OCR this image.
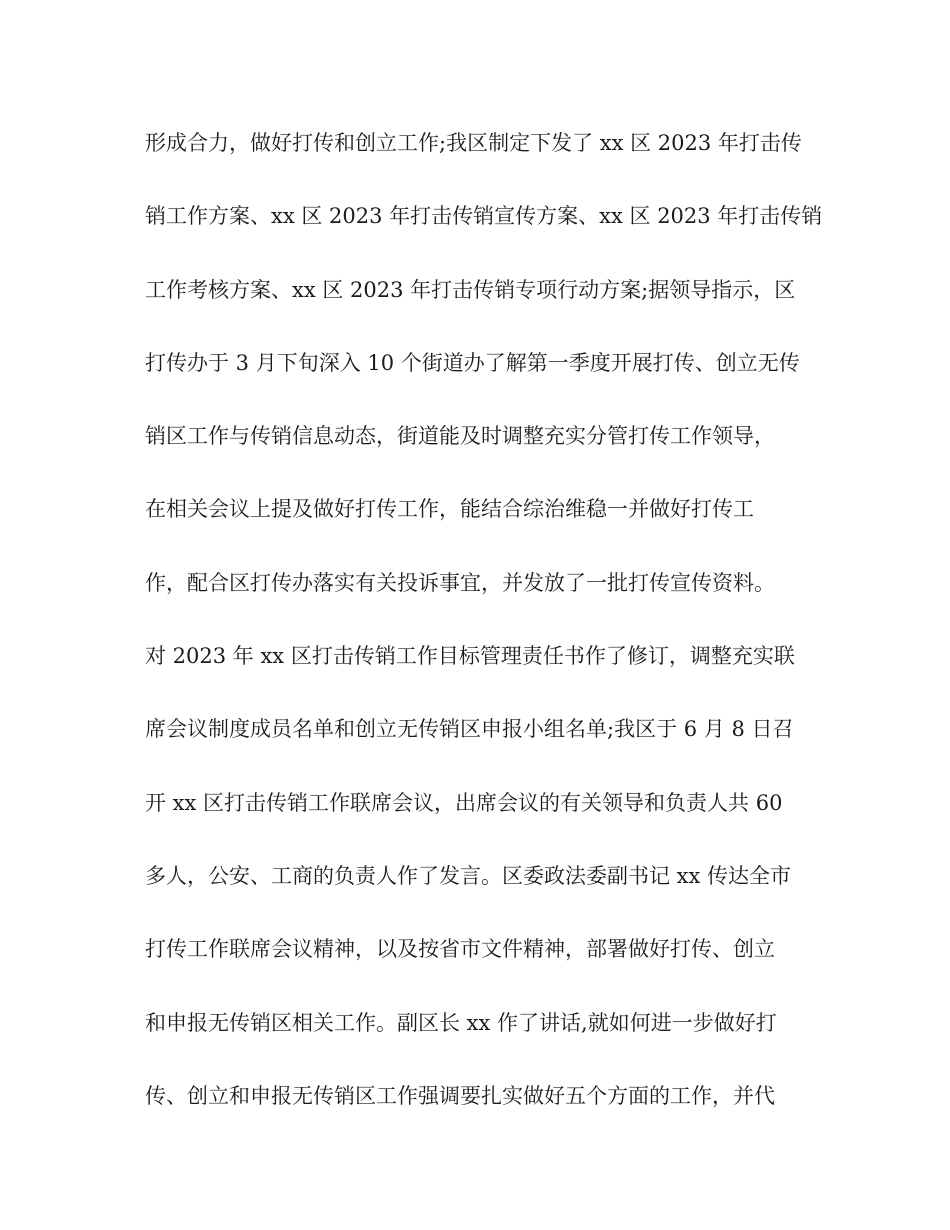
形成合力，做好打传和创立工作;我区制定下发了 xx 区 2023 年打击传
销工作方案、xx 区 2023 年打击传销宣传方案、xx 区 2023 年打击传销
工作考核方案、xx 区 2023 年打击传销专项行动方案;据领导指示，区
打传办于 3 月下旬深入 10 个街道办了解第一季度开展打传、创立无传
销区工作与传销信息动态，街道能及时调整充实分管打传工作领导，
在相关会议上提及做好打传工作，能结合综治维稳一并做好打传工
作，配合区打传办落实有关投诉事宜，并发放了一批打传宣传资料。
对 2023 年 xx 区打击传销工作目标管理责任书作了修订，调整充实联
席会议制度成员名单和创立无传销区申报小组名单;我区于 6 月 8 日召
开 xx 区打击传销工作联席会议，出席会议的有关领导和负责人共 60
多人，公安、工商的负责人作了发言。区委政法委副书记 xx 传达全市
打传工作联席会议精神，以及按省市文件精神，部署做好打传、创立
和申报无传销区相关工作。副区长 xx 作了讲话,就如何进一步做好打
传、创立和申报无传销区工作强调要扎实做好五个方面的工作，并代
